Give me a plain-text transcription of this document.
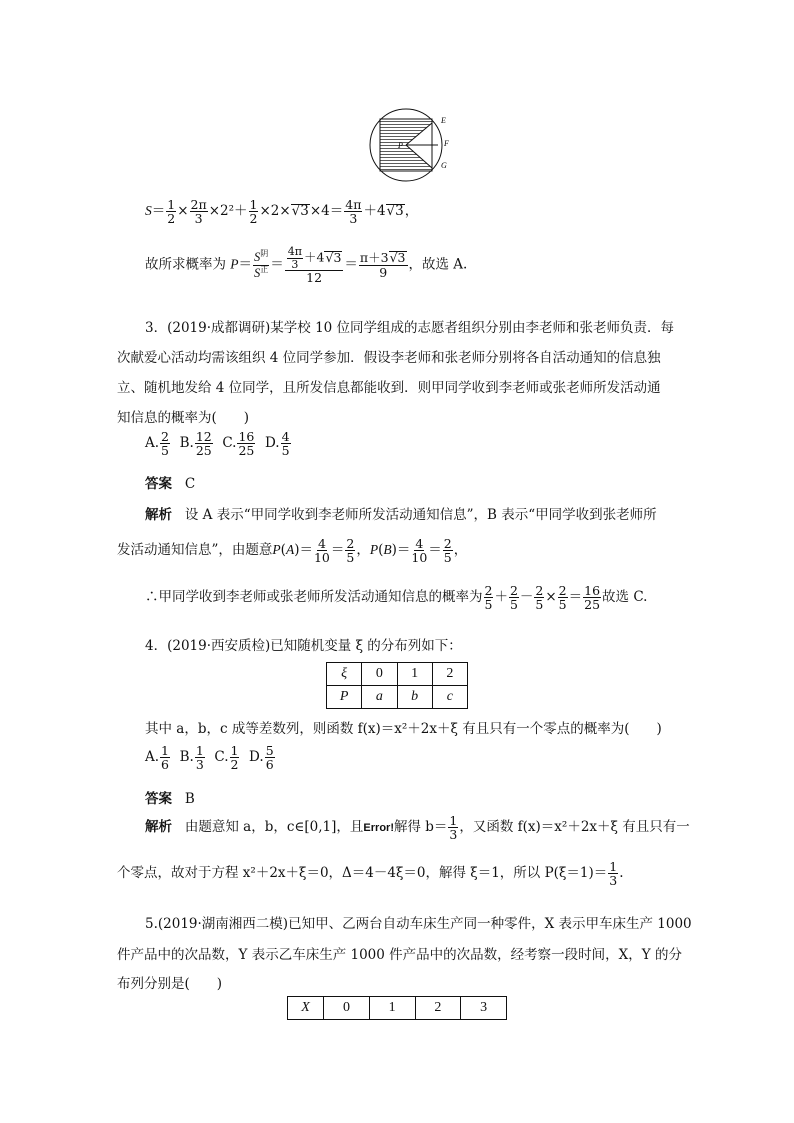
P
E
F
G
$S= \frac{1}{2} \times \frac{2\pi}{3} \times 2^2+ \frac{1}{2} \times 2\times√3\times 4= \frac{4\pi}{3} +4√3$，
故所求概率为 $P= \frac{S^阴}{S^正} = \frac{\frac{4\pi}{3} +4√3}{12} = \frac{\pi+3√3}{9}$ ，故选 A.
3．(2019·成都调研)某学校 10 位同学组成的志愿者组织分别由李老师和张老师负责．每
次献爱心活动均需该组织 4 位同学参加．假设李老师和张老师分别将各自活动通知的信息独
立、随机地发给 4 位同学，且所发信息都能收到．则甲同学收到李老师或张老师所发活动通
知信息的概率为(　　)
A. $\frac{2}{5} B$. $\frac{12}{25} C$. $\frac{16}{25} D$. $\frac{4}{5}$
答案 C
解析 设 A 表示“甲同学收到李老师所发活动通知信息”，B 表示“甲同学收到张老师所
发活动通知信息”，由题意$P(A)= \frac{4}{10} = \frac{2}{5}$ ，$P(B)= \frac{4}{10} = \frac{2}{5}$ ，
∴甲同学收到李老师或张老师所发活动通知信息的概率为 $\frac{2}{5} + \frac{2}{5} - \frac{2}{5} \times \frac{2}{5} = \frac{16}{25}$ 故选 C.
4．(2019·西安质检)已知随机变量 ξ 的分布列如下：
ξ	0	1	2
P	a	b	c
其中 a，b，c 成等差数列，则函数 f(x)＝x²＋2x＋ξ 有且只有一个零点的概率为(　　)
A. $\frac{1}{6} B$. $\frac{1}{3} C$. $\frac{1}{2} D$. $\frac{5}{6}$
答案 B
解析 由题意知 a，b，c∈[0,1]，且Error!解得 $b= \frac{1}{3}$ ，又函数 f(x)＝x²＋2x＋ξ 有且只有一
个零点，故对于方程 x²＋2x＋ξ＝0，Δ＝4－4ξ＝0，解得 ξ＝1，所以 $P(\xi=1)= \frac{1}{3}$ .
5.(2019·湖南湘西二模)已知甲、乙两台自动车床生产同一种零件，X 表示甲车床生产 1000
件产品中的次品数，Y 表示乙车床生产 1000 件产品中的次品数，经考察一段时间，X，Y 的分
布列分别是(　　)
X	0	1	2	3
